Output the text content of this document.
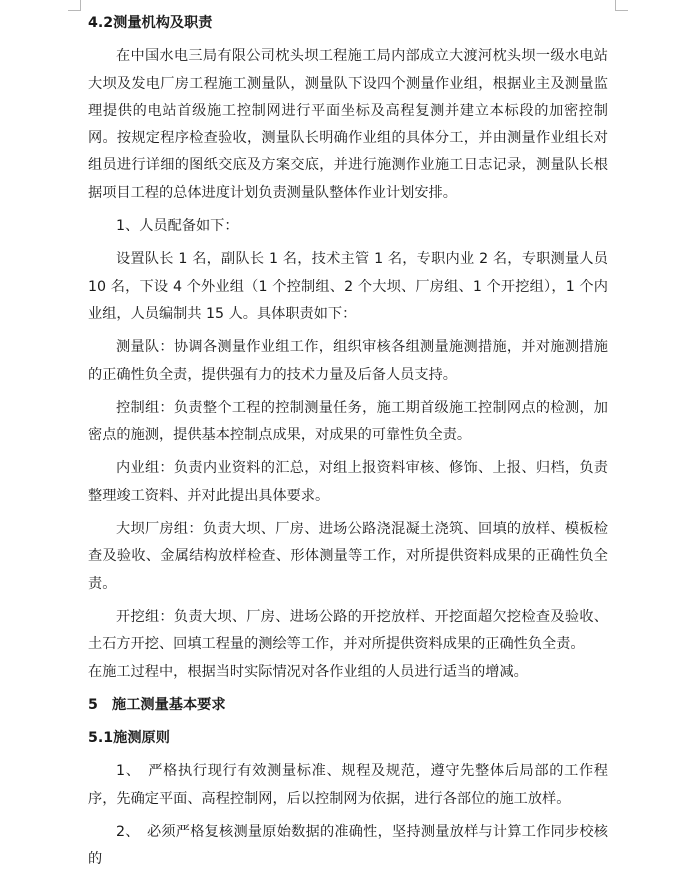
4.2测量机构及职责

在中国水电三局有限公司枕头坝工程施工局内部成立大渡河枕头坝一级水电站大坝及发电厂房工程施工测量队，测量队下设四个测量作业组，根据业主及测量监理提供的电站首级施工控制网进行平面坐标及高程复测并建立本标段的加密控制网。按规定程序检查验收，测量队长明确作业组的具体分工，并由测量作业组长对组员进行详细的图纸交底及方案交底，并进行施测作业施工日志记录，测量队长根据项目工程的总体进度计划负责测量队整体作业计划安排。

1、人员配备如下：

设置队长 1 名，副队长 1 名，技术主管 1 名，专职内业 2 名，专职测量人员 10 名，下设 4 个外业组（1 个控制组、2 个大坝、厂房组、1 个开挖组），1 个内业组，人员编制共 15 人。具体职责如下：

测量队：协调各测量作业组工作，组织审核各组测量施测措施，并对施测措施的正确性负全责，提供强有力的技术力量及后备人员支持。

控制组：负责整个工程的控制测量任务，施工期首级施工控制网点的检测，加密点的施测，提供基本控制点成果，对成果的可靠性负全责。

内业组：负责内业资料的汇总，对组上报资料审核、修饰、上报、归档，负责整理竣工资料、并对此提出具体要求。

大坝厂房组：负责大坝、厂房、进场公路浇混凝土浇筑、回填的放样、模板检查及验收、金属结构放样检查、形体测量等工作，对所提供资料成果的正确性负全责。

开挖组：负责大坝、厂房、进场公路的开挖放样、开挖面超欠挖检查及验收、土石方开挖、回填工程量的测绘等工作，并对所提供资料成果的正确性负全责。

在施工过程中，根据当时实际情况对各作业组的人员进行适当的增减。

5　施工测量基本要求

5.1施测原则

1、　严格执行现行有效测量标准、规程及规范，遵守先整体后局部的工作程序，先确定平面、高程控制网，后以控制网为依据，进行各部位的施工放样。

2、　必须严格复核测量原始数据的准确性，坚持测量放样与计算工作同步校核的
